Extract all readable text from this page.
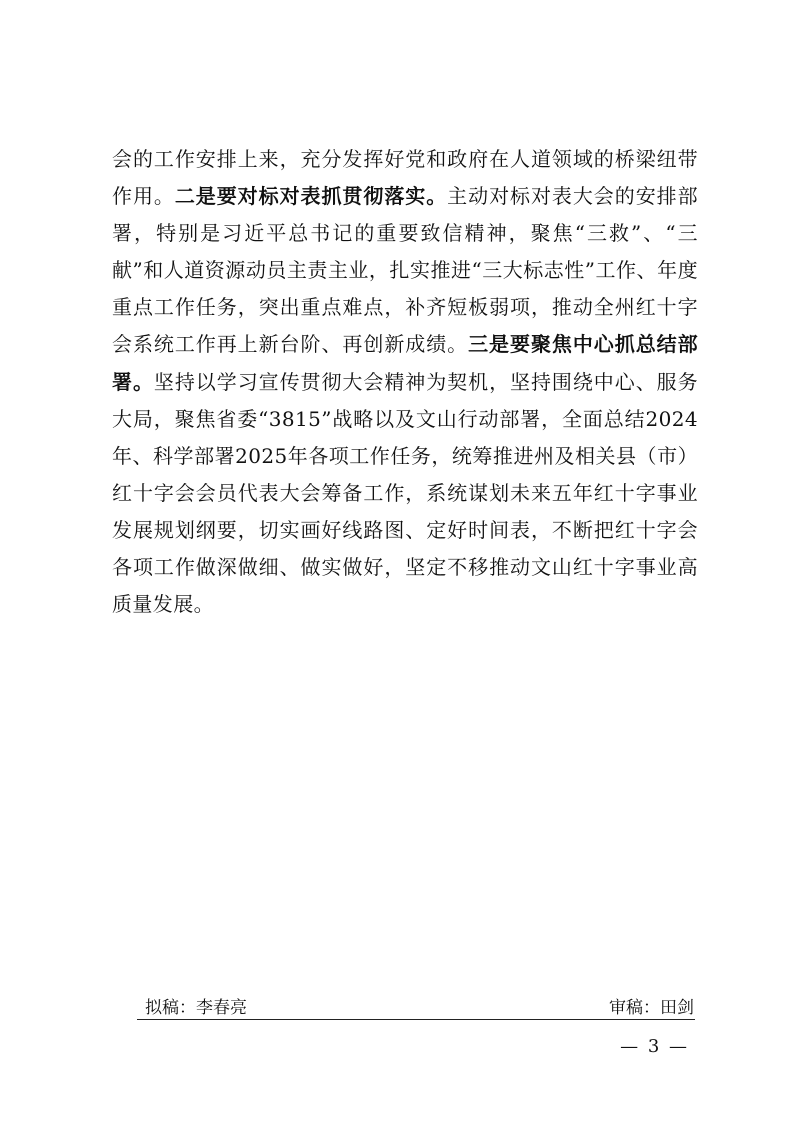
会的工作安排上来，充分发挥好党和政府在人道领域的桥梁纽带作用。二是要对标对表抓贯彻落实。主动对标对表大会的安排部署，特别是习近平总书记的重要致信精神，聚焦“三救”、“三献”和人道资源动员主责主业，扎实推进“三大标志性”工作、年度重点工作任务，突出重点难点，补齐短板弱项，推动全州红十字会系统工作再上新台阶、再创新成绩。三是要聚焦中心抓总结部署。坚持以学习宣传贯彻大会精神为契机，坚持围绕中心、服务大局，聚焦省委“3815”战略以及文山行动部署，全面总结2024年、科学部署2025年各项工作任务，统筹推进州及相关县（市）红十字会会员代表大会筹备工作，系统谋划未来五年红十字事业发展规划纲要，切实画好线路图、定好时间表，不断把红十字会各项工作做深做细、做实做好，坚定不移推动文山红十字事业高质量发展。

拟稿：李春亮	审稿：田剑
— 3 —
